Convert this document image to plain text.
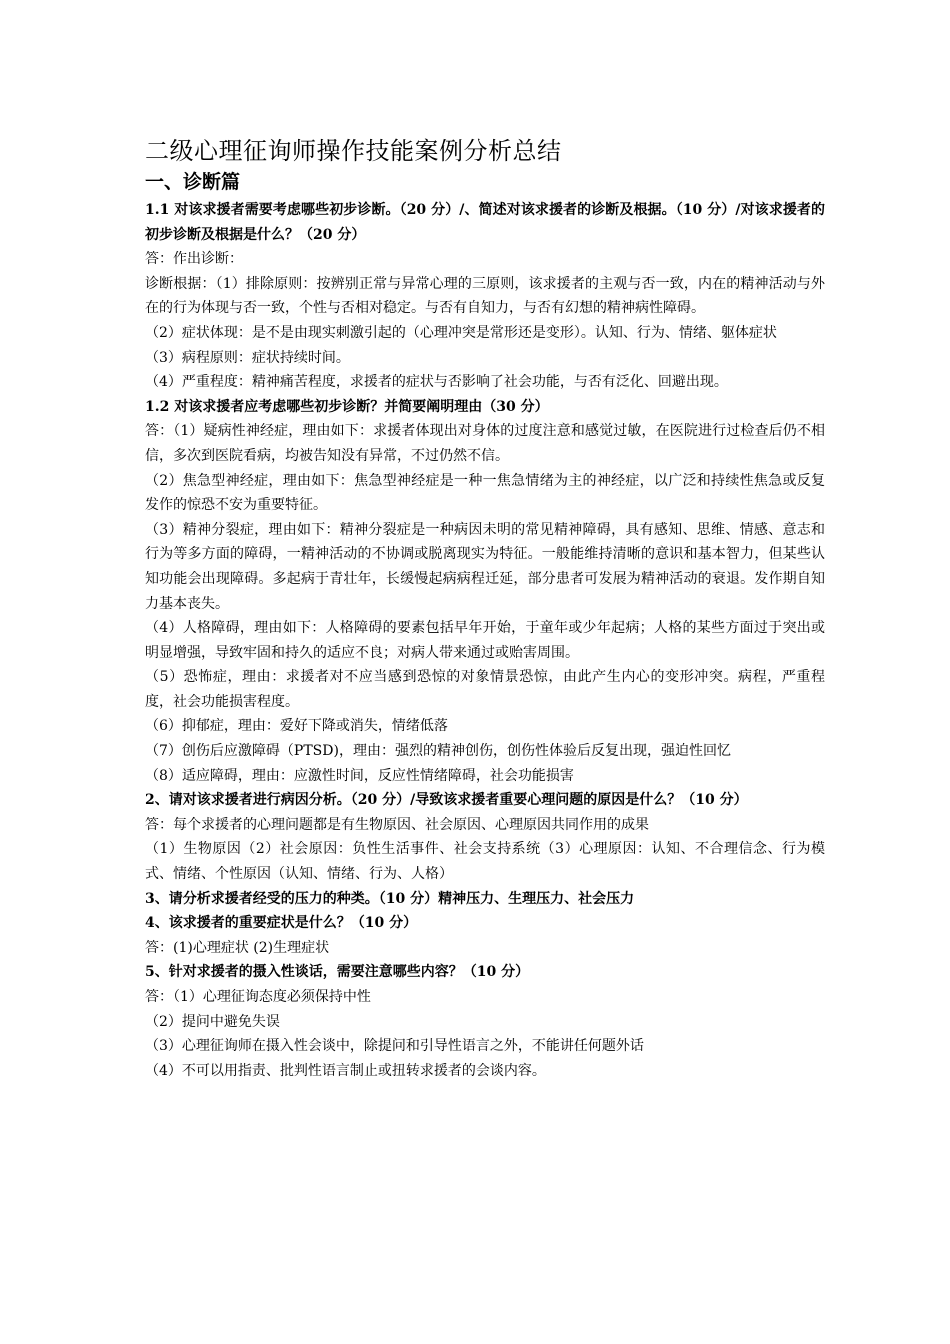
二级心理征询师操作技能案例分析总结
一、诊断篇

1.1 对该求援者需要考虑哪些初步诊断。（20 分）/、简述对该求援者的诊断及根据。（10 分）/对该求援者的初步诊断及根据是什么？（20 分）

答：作出诊断：

诊断根据：（1）排除原则：按辨别正常与异常心理的三原则，该求援者的主观与否一致，内在的精神活动与外在的行为体现与否一致，个性与否相对稳定。与否有自知力，与否有幻想的精神病性障碍。

（2）症状体现：是不是由现实刺激引起的（心理冲突是常形还是变形）。认知、行为、情绪、躯体症状

（3）病程原则：症状持续时间。

（4）严重程度：精神痛苦程度，求援者的症状与否影响了社会功能，与否有泛化、回避出现。

1.2 对该求援者应考虑哪些初步诊断？并简要阐明理由（30 分）

答：（1）疑病性神经症，理由如下：求援者体现出对身体的过度注意和感觉过敏，在医院进行过检查后仍不相信，多次到医院看病，均被告知没有异常，不过仍然不信。

（2）焦急型神经症，理由如下：焦急型神经症是一种一焦急情绪为主的神经症，以广泛和持续性焦急或反复发作的惊恐不安为重要特征。

（3）精神分裂症，理由如下：精神分裂症是一种病因未明的常见精神障碍，具有感知、思维、情感、意志和行为等多方面的障碍，一精神活动的不协调或脱离现实为特征。一般能维持清晰的意识和基本智力，但某些认知功能会出现障碍。多起病于青壮年，长缓慢起病病程迁延，部分患者可发展为精神活动的衰退。发作期自知力基本丧失。

（4）人格障碍，理由如下：人格障碍的要素包括早年开始，于童年或少年起病；人格的某些方面过于突出或明显增强，导致牢固和持久的适应不良；对病人带来通过或贻害周围。

（5）恐怖症，理由：求援者对不应当感到恐惊的对象情景恐惊，由此产生内心的变形冲突。病程，严重程度，社会功能损害程度。

（6）抑郁症，理由：爱好下降或消失，情绪低落

（7）创伤后应激障碍（PTSD)，理由：强烈的精神创伤，创伤性体验后反复出现，强迫性回忆

（8）适应障碍，理由：应激性时间，反应性情绪障碍，社会功能损害

2、请对该求援者进行病因分析。（20 分）/导致该求援者重要心理问题的原因是什么？（10 分）

答：每个求援者的心理问题都是有生物原因、社会原因、心理原因共同作用的成果

（1）生物原因（2）社会原因：负性生活事件、社会支持系统（3）心理原因：认知、不合理信念、行为模式、情绪、个性原因（认知、情绪、行为、人格）

3、请分析求援者经受的压力的种类。（10 分）精神压力、生理压力、社会压力

4、该求援者的重要症状是什么？（10 分）

答：(1)心理症状 (2)生理症状

5、针对求援者的摄入性谈话，需要注意哪些内容？（10 分）

答：（1）心理征询态度必须保持中性

（2）提问中避免失误

（3）心理征询师在摄入性会谈中，除提问和引导性语言之外，不能讲任何题外话

（4）不可以用指责、批判性语言制止或扭转求援者的会谈内容。
